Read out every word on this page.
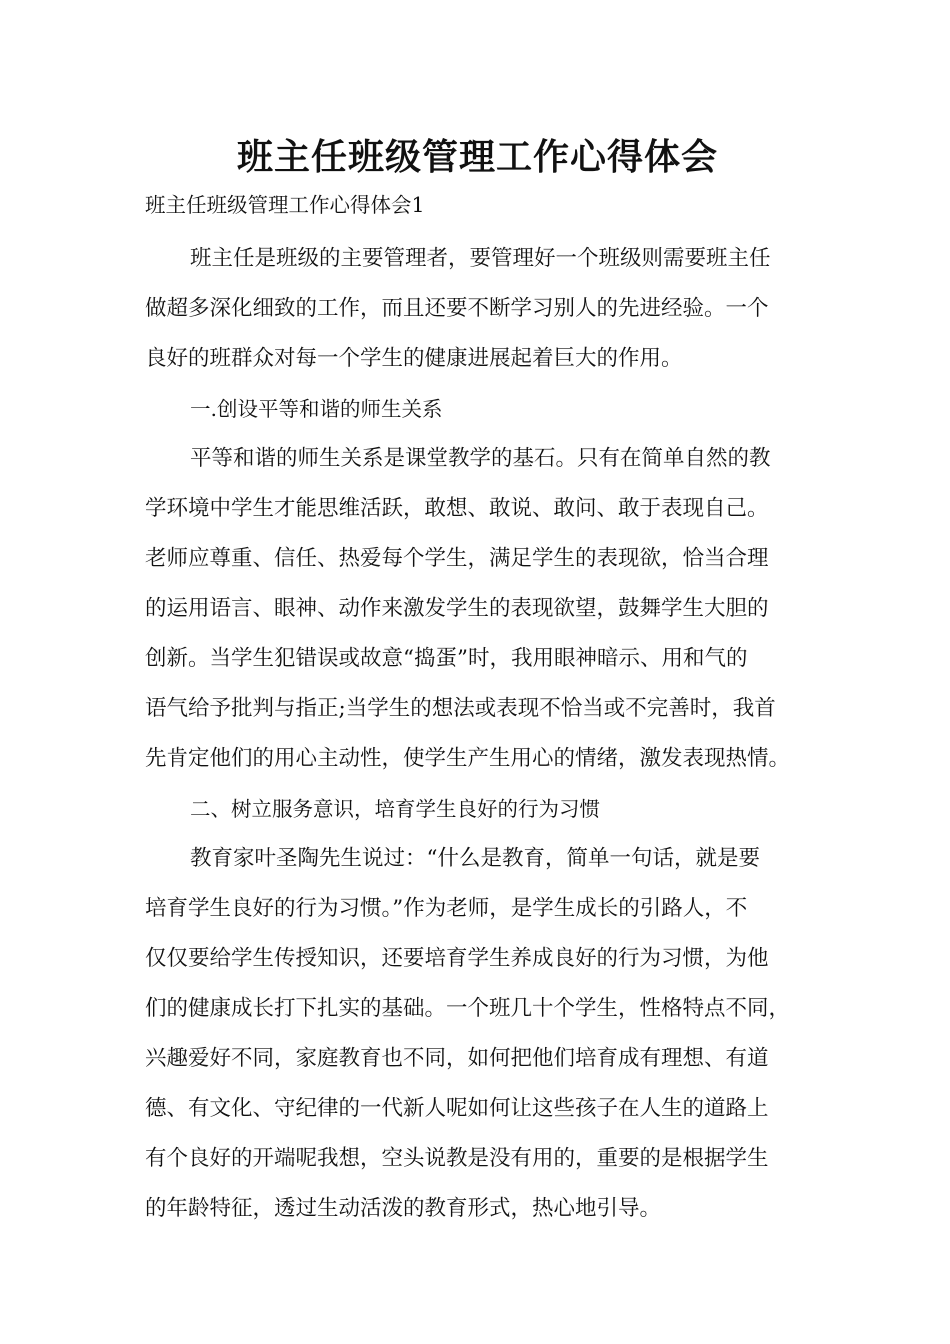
班主任班级管理工作心得体会
班主任班级管理工作心得体会1
班主任是班级的主要管理者，要管理好一个班级则需要班主任
做超多深化细致的工作，而且还要不断学习别人的先进经验。一个
良好的班群众对每一个学生的健康进展起着巨大的作用。
一.创设平等和谐的师生关系
平等和谐的师生关系是课堂教学的基石。只有在简单自然的教
学环境中学生才能思维活跃，敢想、敢说、敢问、敢于表现自己。
老师应尊重、信任、热爱每个学生，满足学生的表现欲，恰当合理
的运用语言、眼神、动作来激发学生的表现欲望，鼓舞学生大胆的
创新。当学生犯错误或故意“捣蛋”时，我用眼神暗示、用和气的
语气给予批判与指正;当学生的想法或表现不恰当或不完善时，我首
先肯定他们的用心主动性，使学生产生用心的情绪，激发表现热情。
二、树立服务意识，培育学生良好的行为习惯
教育家叶圣陶先生说过：“什么是教育，简单一句话，就是要
培育学生良好的行为习惯。”作为老师，是学生成长的引路人，不
仅仅要给学生传授知识，还要培育学生养成良好的行为习惯，为他
们的健康成长打下扎实的基础。一个班几十个学生，性格特点不同，
兴趣爱好不同，家庭教育也不同，如何把他们培育成有理想、有道
德、有文化、守纪律的一代新人呢如何让这些孩子在人生的道路上
有个良好的开端呢我想，空头说教是没有用的，重要的是根据学生
的年龄特征，透过生动活泼的教育形式，热心地引导。
